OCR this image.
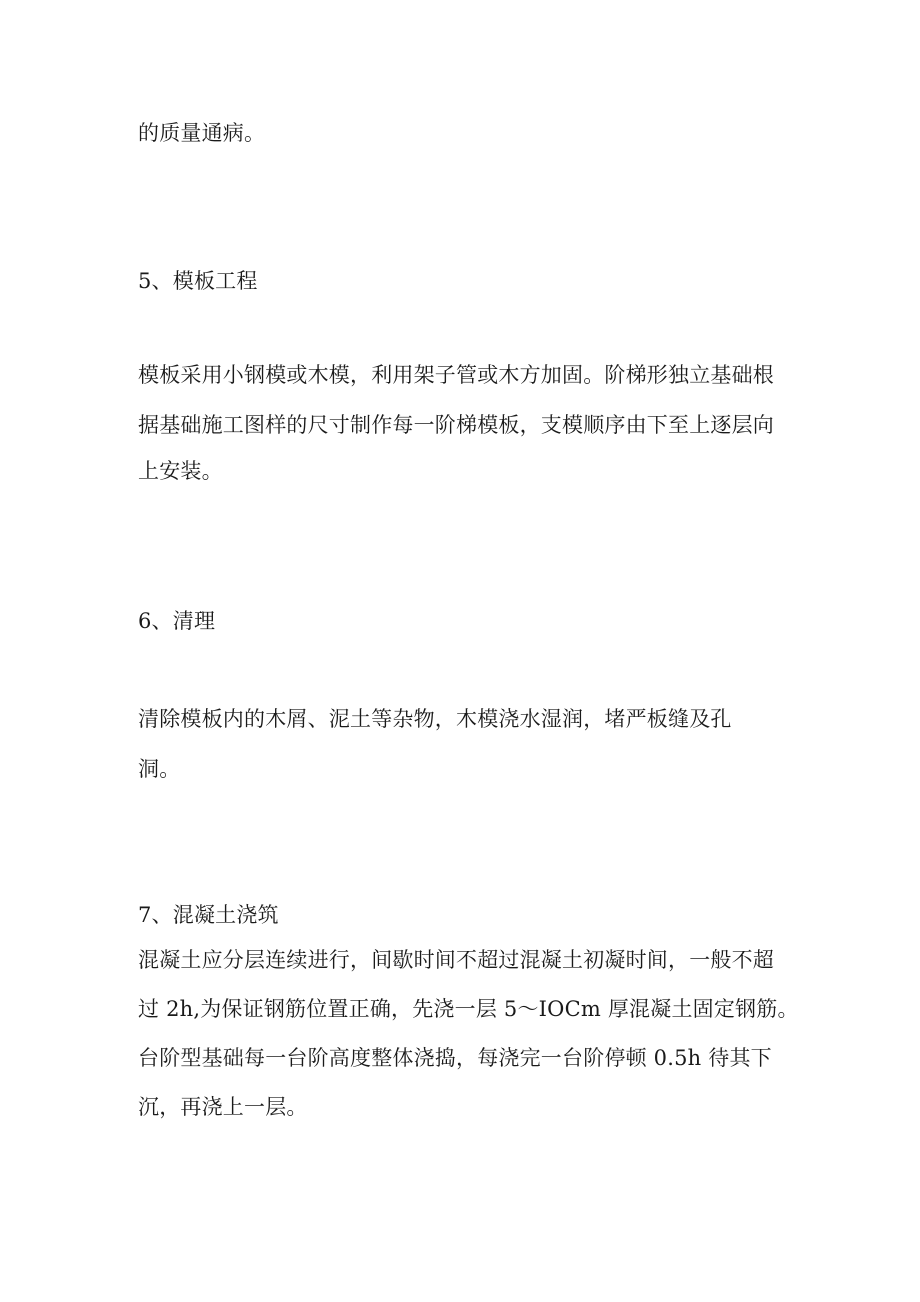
的质量通病。
5、模板工程
模板采用小钢模或木模，利用架子管或木方加固。阶梯形独立基础根
据基础施工图样的尺寸制作每一阶梯模板，支模顺序由下至上逐层向
上安装。
6、清理
清除模板内的木屑、泥土等杂物，木模浇水湿润，堵严板缝及孔
洞。
7、混凝土浇筑
混凝土应分层连续进行，间歇时间不超过混凝土初凝时间，一般不超
过 2h,为保证钢筋位置正确，先浇一层 5～IOCm 厚混凝土固定钢筋。
台阶型基础每一台阶高度整体浇捣，每浇完一台阶停顿 0.5h 待其下
沉，再浇上一层。
